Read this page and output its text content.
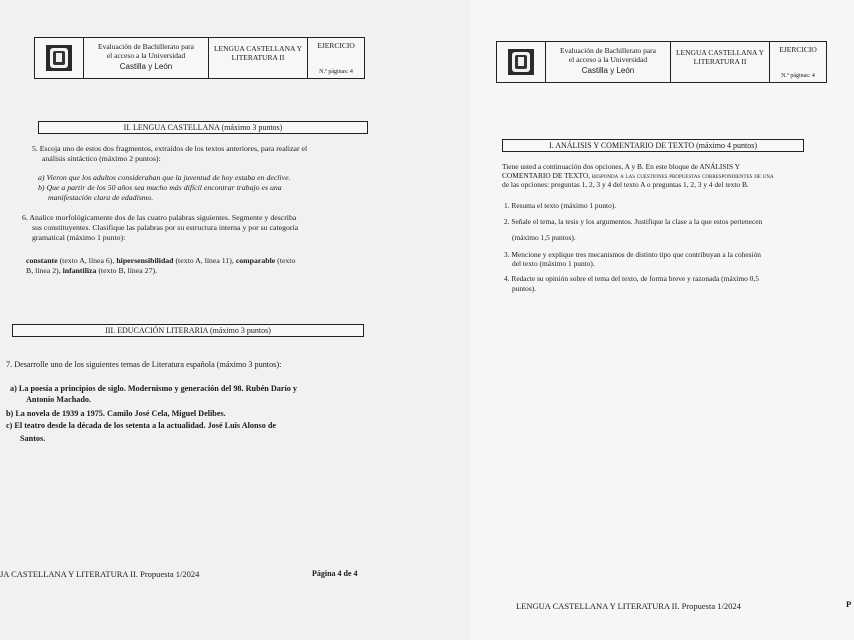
Evaluación de Bachillerato para
el acceso a la Universidad
Castilla y León
LENGUA CASTELLANA Y
LITERATURA II
EJERCICIO
N.º páginas: 4
II. LENGUA CASTELLANA (máximo 3 puntos)
5. Escoja uno de estos dos fragmentos, extraídos de los textos anteriores, para realizar el
análisis sintáctico (máximo 2 puntos):
a) Vieron que los adultos consideraban que la juventud de hoy estaba en declive.
b) Que a partir de los 50 años sea mucho más difícil encontrar trabajo es una
manifestación clara de edadismo.
6. Analice morfológicamente dos de las cuatro palabras siguientes. Segmente y describa
sus constituyentes. Clasifique las palabras por su estructura interna y por su categoría
gramatical (máximo 1 punto):
constante (texto A, línea 6), hipersensibilidad (texto A, línea 11), comparable (texto
B, línea 2), infantiliza (texto B, línea 27).
III. EDUCACIÓN LITERARIA (máximo 3 puntos)
7. Desarrolle uno de los siguientes temas de Literatura española (máximo 3 puntos):
a) La poesía a principios de siglo. Modernismo y generación del 98. Rubén Darío y
Antonio Machado.
b) La novela de 1939 a 1975. Camilo José Cela, Miguel Delibes.
c) El teatro desde la década de los setenta a la actualidad. José Luis Alonso de
Santos.
JA CASTELLANA Y LITERATURA II. Propuesta 1/2024	Página 4 de 4
Evaluación de Bachillerato para
el acceso a la Universidad
Castilla y León
LENGUA CASTELLANA Y
LITERATURA II
EJERCICIO
N.º páginas: 4
I. ANÁLISIS Y COMENTARIO DE TEXTO (máximo 4 puntos)
Tiene usted a continuación dos opciones, A y B. En este bloque de ANÁLISIS Y
COMENTARIO DE TEXTO, responda a las cuestiones propuestas correspondientes de una
de las opciones: preguntas 1, 2, 3 y 4 del texto A o preguntas 1, 2, 3 y 4 del texto B.
1. Resuma el texto (máximo 1 punto).
2. Señale el tema, la tesis y los argumentos. Justifique la clase a la que estos pertenecen
(máximo 1,5 puntos).
3. Mencione y explique tres mecanismos de distinto tipo que contribuyan a la cohesión
del texto (máximo 1 punto).
4. Redacte su opinión sobre el tema del texto, de forma breve y razonada (máximo 0,5
puntos).
LENGUA CASTELLANA Y LITERATURA II. Propuesta 1/2024	P
